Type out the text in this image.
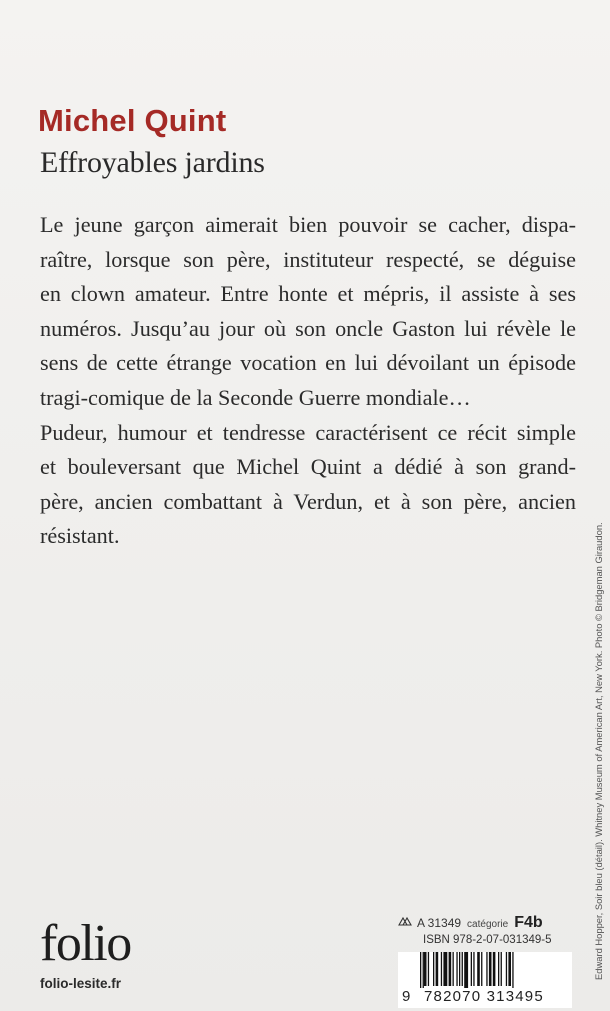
Michel Quint
Effroyables jardins
Le jeune garçon aimerait bien pouvoir se cacher, dispa-
raître, lorsque son père, instituteur respecté, se déguise
en clown amateur. Entre honte et mépris, il assiste à ses
numéros. Jusqu’au jour où son oncle Gaston lui révèle le
sens de cette étrange vocation en lui dévoilant un épisode
tragi-comique de la Seconde Guerre mondiale…
Pudeur, humour et tendresse caractérisent ce récit simple
et bouleversant que Michel Quint a dédié à son grand-
père, ancien combattant à Verdun, et à son père, ancien
résistant.	Edward Hopper, Soir bleu (détail). Whitney Museum of American Art, New York. Photo © Bridgeman Giraudon.
folio
folio-lesite.fr
A 31349 catégorie F4b
ISBN 978-2-07-031349-5
9 782070 313495
